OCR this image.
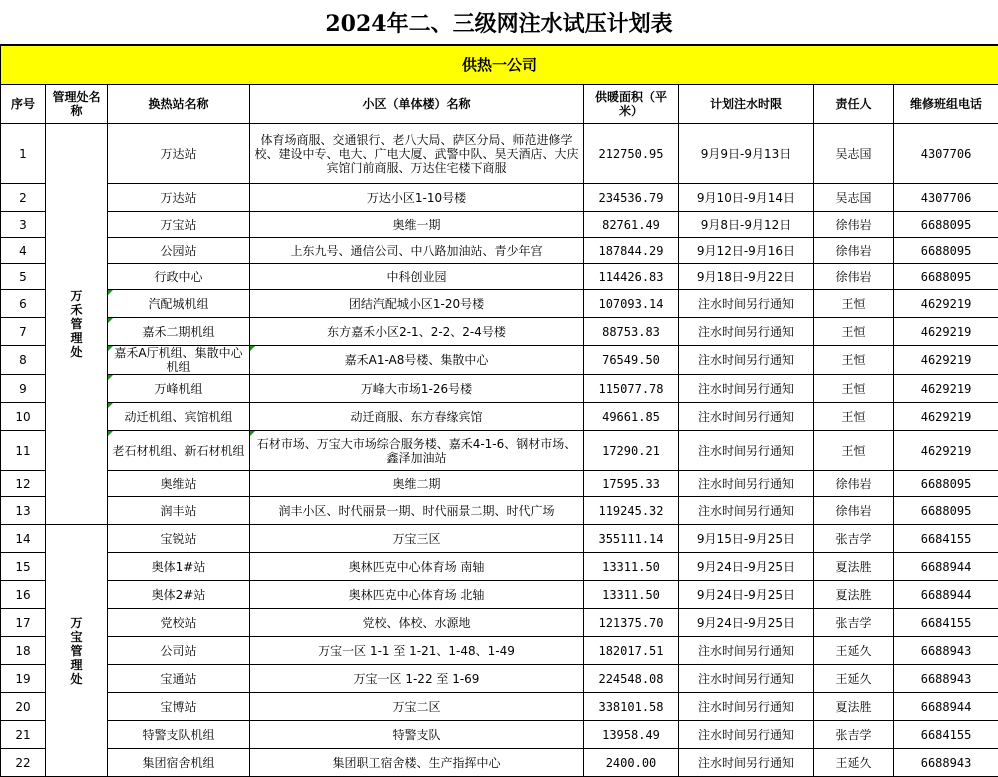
2024年二、三级网注水试压计划表
供热一公司							
序号	管理处名称	换热站名称	小区（单体楼）名称	供暖面积（平米）	计划注水时限	责任人	维修班组电话
1	万禾管理处	万达站	体育场商服、交通银行、老八大局、萨区分局、师范进修学校、建设中专、电大、广电大厦、武警中队、昊天酒店、大庆宾馆门前商服、万达住宅楼下商服	212750.95	9月9日-9月13日	吴志国	4307706
2		万达站	万达小区1-10号楼	234536.79	9月10日-9月14日	吴志国	4307706
3		万宝站	奥维一期	82761.49	9月8日-9月12日	徐伟岩	6688095
4		公园站	上东九号、通信公司、中八路加油站、青少年宫	187844.29	9月12日-9月16日	徐伟岩	6688095
5		行政中心	中科创业园	114426.83	9月18日-9月22日	徐伟岩	6688095
6		汽配城机组	团结汽配城小区1-20号楼	107093.14	注水时间另行通知	王恒	4629219
7		嘉禾二期机组	东方嘉禾小区2-1、2-2、2-4号楼	88753.83	注水时间另行通知	王恒	4629219
8		嘉禾A厅机组、集散中心机组	嘉禾A1-A8号楼、集散中心	76549.50	注水时间另行通知	王恒	4629219
9		万峰机组	万峰大市场1-26号楼	115077.78	注水时间另行通知	王恒	4629219
10		动迁机组、宾馆机组	动迁商服、东方春缘宾馆	49661.85	注水时间另行通知	王恒	4629219
11		老石材机组、新石材机组	石材市场、万宝大市场综合服务楼、嘉禾4-1-6、钢材市场、鑫泽加油站	17290.21	注水时间另行通知	王恒	4629219
12		奥维站	奥维二期	17595.33	注水时间另行通知	徐伟岩	6688095
13		润丰站	润丰小区、时代丽景一期、时代丽景二期、时代广场	119245.32	注水时间另行通知	徐伟岩	6688095
14	万宝管理处	宝锐站	万宝三区	355111.14	9月15日-9月25日	张吉学	6684155
15		奥体1#站	奥林匹克中心体育场 南轴	13311.50	9月24日-9月25日	夏法胜	6688944
16		奥体2#站	奥林匹克中心体育场 北轴	13311.50	9月24日-9月25日	夏法胜	6688944
17		党校站	党校、体校、水源地	121375.70	9月24日-9月25日	张吉学	6684155
18		公司站	万宝一区 1-1 至 1-21、1-48、1-49	182017.51	注水时间另行通知	王延久	6688943
19		宝通站	万宝一区 1-22 至 1-69	224548.08	注水时间另行通知	王延久	6688943
20		宝博站	万宝二区	338101.58	注水时间另行通知	夏法胜	6688944
21		特警支队机组	特警支队	13958.49	注水时间另行通知	张吉学	6684155
22		集团宿舍机组	集团职工宿舍楼、生产指挥中心	2400.00	注水时间另行通知	王延久	6688943
